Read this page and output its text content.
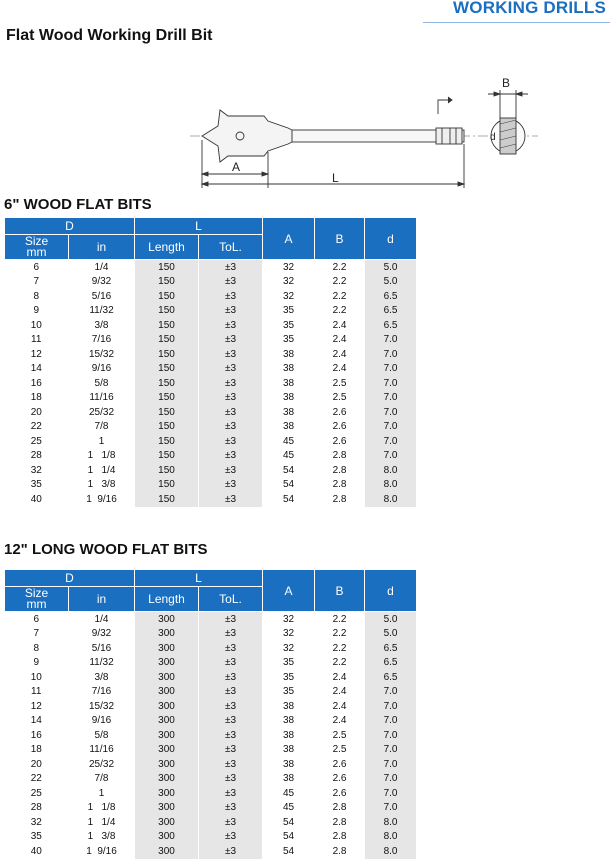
WORKING DRILLS
Flat Wood Working Drill Bit
A
L
B
d
6" WOOD FLAT BITS
D		L		A	B	d
Size
mm	in	Length	ToL.			
6	1/4	150	±3	32	2.2	5.0
7	9/32	150	±3	32	2.2	5.0
8	5/16	150	±3	32	2.2	6.5
9	11/32	150	±3	35	2.2	6.5
10	3/8	150	±3	35	2.4	6.5
11	7/16	150	±3	35	2.4	7.0
12	15/32	150	±3	38	2.4	7.0
14	9/16	150	±3	38	2.4	7.0
16	5/8	150	±3	38	2.5	7.0
18	11/16	150	±3	38	2.5	7.0
20	25/32	150	±3	38	2.6	7.0
22	7/8	150	±3	38	2.6	7.0
25	1	150	±3	45	2.6	7.0
28	1   1/8	150	±3	45	2.8	7.0
32	1   1/4	150	±3	54	2.8	8.0
35	1   3/8	150	±3	54	2.8	8.0
40	1  9/16	150	±3	54	2.8	8.0
12" LONG WOOD FLAT BITS
D		L		A	B	d
Size
mm	in	Length	ToL.			
6	1/4	300	±3	32	2.2	5.0
7	9/32	300	±3	32	2.2	5.0
8	5/16	300	±3	32	2.2	6.5
9	11/32	300	±3	35	2.2	6.5
10	3/8	300	±3	35	2.4	6.5
11	7/16	300	±3	35	2.4	7.0
12	15/32	300	±3	38	2.4	7.0
14	9/16	300	±3	38	2.4	7.0
16	5/8	300	±3	38	2.5	7.0
18	11/16	300	±3	38	2.5	7.0
20	25/32	300	±3	38	2.6	7.0
22	7/8	300	±3	38	2.6	7.0
25	1	300	±3	45	2.6	7.0
28	1   1/8	300	±3	45	2.8	7.0
32	1   1/4	300	±3	54	2.8	8.0
35	1   3/8	300	±3	54	2.8	8.0
40	1  9/16	300	±3	54	2.8	8.0
